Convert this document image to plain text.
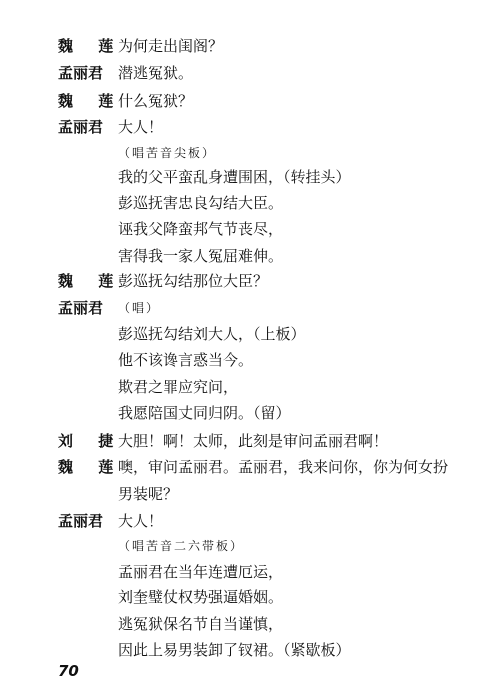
魏 莲
为何走出闺阁？
孟丽君 潜逃冤狱。
魏 莲
什么冤狱？
孟丽君 大人！
（唱苦音尖板）
我的父平蛮乱身遭围困，（转挂头）
彭巡抚害忠良勾结大臣。
诬我父降蛮邦气节丧尽，
害得我一家人冤屈难伸。
魏 莲
彭巡抚勾结那位大臣？
孟丽君	（唱）
彭巡抚勾结刘大人，（上板）
他不该谗言惑当今。
欺君之罪应究问，
我愿陪国丈同归阴。（留）
刘 捷
大胆！啊！太师，此刻是审问孟丽君啊！
魏 莲
噢，审问孟丽君。孟丽君，我来问你，你为何女扮
男装呢？
孟丽君 大人！
（唱苦音二六带板）
孟丽君在当年连遭厄运，
刘奎璧仗权势强逼婚姻。
逃冤狱保名节自当谨慎，
因此上易男装卸了钗裙。（紧歇板）
70
